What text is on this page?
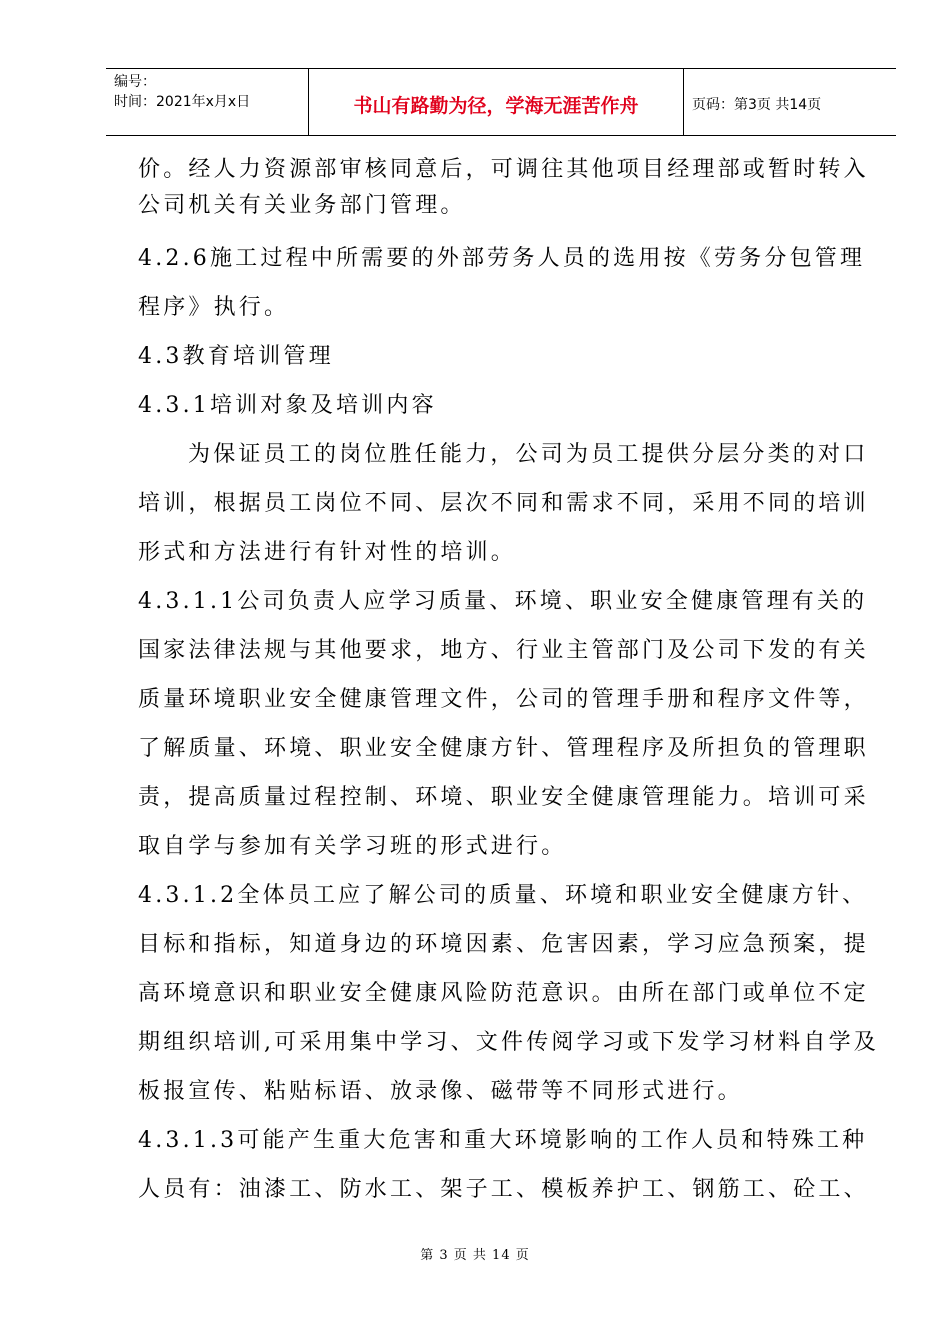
编号：
时间：2021年x月x日	书山有路勤为径，学海无涯苦作舟	页码：第3页 共14页

价。经人力资源部审核同意后，可调往其他项目经理部或暂时转入公司机关有关业务部门管理。

4.2.6施工过程中所需要的外部劳务人员的选用按《劳务分包管理程序》执行。

4.3教育培训管理

4.3.1培训对象及培训内容

为保证员工的岗位胜任能力，公司为员工提供分层分类的对口培训，根据员工岗位不同、层次不同和需求不同，采用不同的培训形式和方法进行有针对性的培训。

4.3.1.1公司负责人应学习质量、环境、职业安全健康管理有关的国家法律法规与其他要求，地方、行业主管部门及公司下发的有关质量环境职业安全健康管理文件，公司的管理手册和程序文件等，了解质量、环境、职业安全健康方针、管理程序及所担负的管理职责，提高质量过程控制、环境、职业安全健康管理能力。培训可采取自学与参加有关学习班的形式进行。

4.3.1.2全体员工应了解公司的质量、环境和职业安全健康方针、目标和指标，知道身边的环境因素、危害因素，学习应急预案，提高环境意识和职业安全健康风险防范意识。由所在部门或单位不定期组织培训,可采用集中学习、文件传阅学习或下发学习材料自学及板报宣传、粘贴标语、放录像、磁带等不同形式进行。

4.3.1.3可能产生重大危害和重大环境影响的工作人员和特殊工种人员有：油漆工、防水工、架子工、模板养护工、钢筋工、砼工、

第 3 页 共 14 页
